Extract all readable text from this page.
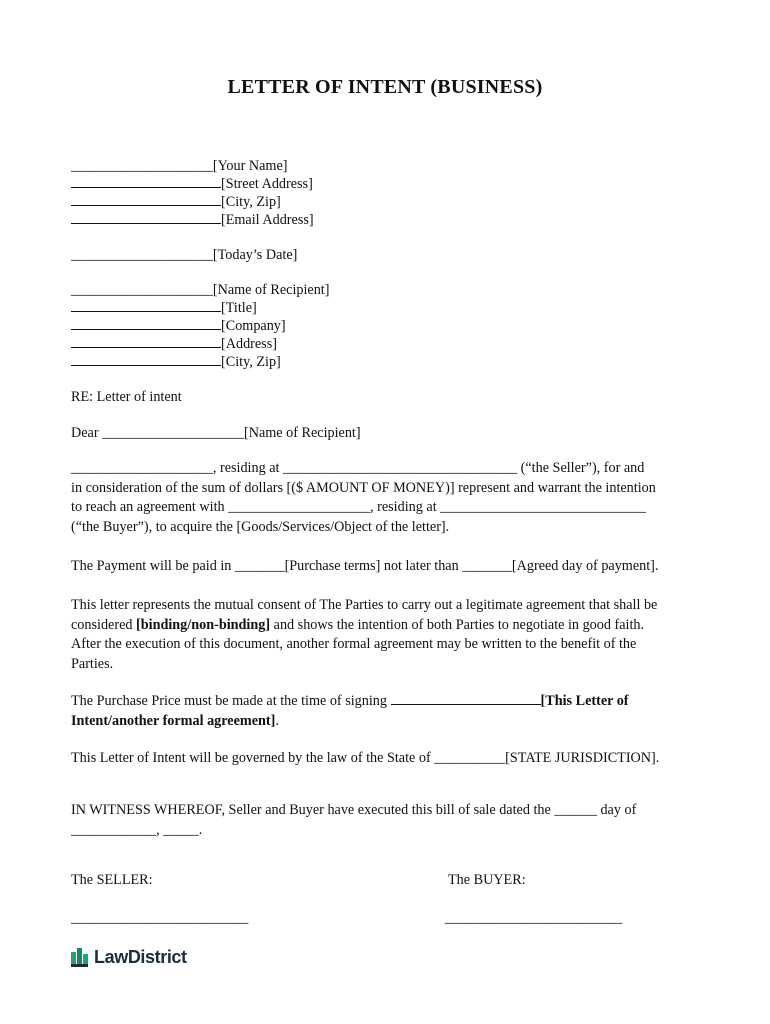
LETTER OF INTENT (BUSINESS)
____________________[Your Name]
[Street Address]
[City, Zip]
[Email Address]
____________________[Today’s Date]
____________________[Name of Recipient]
[Title]
[Company]
[Address]
[City, Zip]
RE: Letter of intent
Dear ____________________[Name of Recipient]

____________________, residing at _________________________________ (“the Seller”), for and

in consideration of the sum of dollars [($ AMOUNT OF MONEY)] represent and warrant the intention

to reach an agreement with ____________________, residing at _____________________________

(“the Buyer”), to acquire the [Goods/Services/Object of the letter].

The Payment will be paid in _______[Purchase terms] not later than _______[Agreed day of payment].

This letter represents the mutual consent of The Parties to carry out a legitimate agreement that shall be

considered [binding/non-binding] and shows the intention of both Parties to negotiate in good faith.

After the execution of this document, another formal agreement may be written to the benefit of the

Parties.

The Purchase Price must be made at the time of signing	[This Letter of

Intent/another formal agreement].

This Letter of Intent will be governed by the law of the State of __________[STATE JURISDICTION].

IN WITNESS WHEREOF, Seller and Buyer have executed this bill of sale dated the ______ day of

____________, _____.

The SELLER:	The BUYER:
_________________________	_________________________
LawDistrict
